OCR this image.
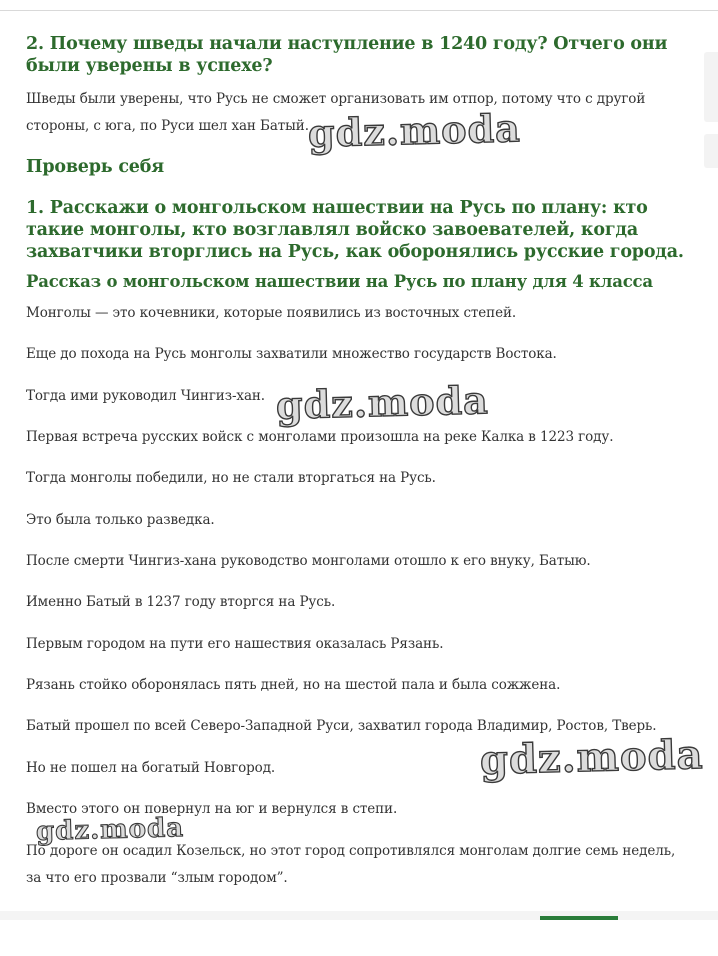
2. Почему шведы начали наступление в 1240 году? Отчего они были уверены в успехе?

Шведы были уверены, что Русь не сможет организовать им отпор, потому что с другой стороны, с юга, по Руси шел хан Батый.

Проверь себя
1. Расскажи о монгольском нашествии на Русь по плану: кто такие монголы, кто возглавлял войско завоевателей, когда захватчики вторглись на Русь, как оборонялись русские города.
Рассказ о монгольском нашествии на Русь по плану для 4 класса

Монголы — это кочевники, которые появились из восточных степей.

Еще до похода на Русь монголы захватили множество государств Востока.

Тогда ими руководил Чингиз-хан.

Первая встреча русских войск с монголами произошла на реке Калка в 1223 году.

Тогда монголы победили, но не стали вторгаться на Русь.

Это была только разведка.

После смерти Чингиз-хана руководство монголами отошло к его внуку, Батыю.

Именно Батый в 1237 году вторгся на Русь.

Первым городом на пути его нашествия оказалась Рязань.

Рязань стойко оборонялась пять дней, но на шестой пала и была сожжена.

Батый прошел по всей Северо-Западной Руси, захватил города Владимир, Ростов, Тверь.

Но не пошел на богатый Новгород.

Вместо этого он повернул на юг и вернулся в степи.

По дороге он осадил Козельск, но этот город сопротивлялся монголам долгие семь недель, за что его прозвали “злым городом”.

gdz.moda
gdz.moda
gdz.moda
gdz.moda
